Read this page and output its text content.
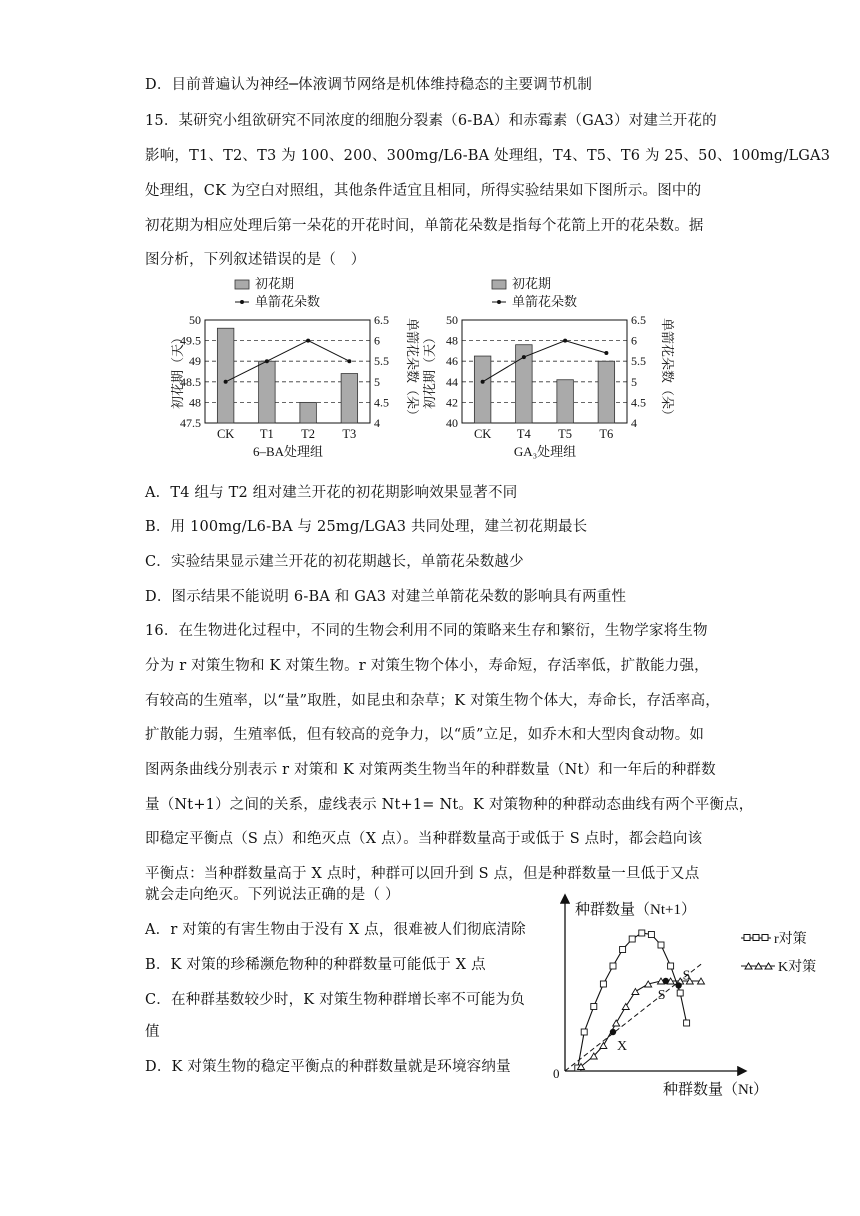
D．目前普遍认为神经─体液调节网络是机体维持稳态的主要调节机制
15．某研究小组欲研究不同浓度的细胞分裂素（6-BA）和赤霉素（GA3）对建兰开花的
影响，T1、T2、T3 为 100、200、300mg/L6-BA 处理组，T4、T5、T6 为 25、50、100mg/LGA3
处理组，CK 为空白对照组，其他条件适宜且相同，所得实验结果如下图所示。图中的
初花期为相应处理后第一朵花的开花时间，单箭花朵数是指每个花箭上开的花朵数。据
图分析，下列叙述错误的是（　）
初花期
单箭花朵数
47.5
48
48.5
49
49.5
50
4
4.5
5
5.5
6
6.5
CK T1 T2 T3
初花期（天）	单箭花朵数（朵）
6–BA处理组
初花期
单箭花朵数
40
42
44
46
48
50
4
4.5
5
5.5
6
6.5
CK T4 T5 T6
初花期（天）	单箭花朵数（朵）
GA₃处理组
A．T4 组与 T2 组对建兰开花的初花期影响效果显著不同
B．用 100mg/L6-BA 与 25mg/LGA3 共同处理，建兰初花期最长
C．实验结果显示建兰开花的初花期越长，单箭花朵数越少
D．图示结果不能说明 6-BA 和 GA3 对建兰单箭花朵数的影响具有两重性
16．在生物进化过程中，不同的生物会利用不同的策略来生存和繁衍，生物学家将生物
分为 r 对策生物和 K 对策生物。r 对策生物个体小，寿命短，存活率低，扩散能力强，
有较高的生殖率，以“量”取胜，如昆虫和杂草；K 对策生物个体大，寿命长，存活率高，
扩散能力弱，生殖率低，但有较高的竞争力，以“质”立足，如乔木和大型肉食动物。如
图两条曲线分别表示 r 对策和 K 对策两类生物当年的种群数量（Nt）和一年后的种群数
量（Nt+1）之间的关系，虚线表示 Nt+1= Nt。K 对策物种的种群动态曲线有两个平衡点，
即稳定平衡点（S 点）和绝灭点（X 点）。当种群数量高于或低于 S 点时，都会趋向该
平衡点：当种群数量高于 X 点时，种群可以回升到 S 点，但是种群数量一旦低于又点
就会走向绝灭。下列说法正确的是（ ）
A．r 对策的有害生物由于没有 X 点，很难被人们彻底清除
B．K 对策的珍稀濒危物种的种群数量可能低于 X 点
C．在种群基数较少时，K 对策生物种群增长率不可能为负
值
D．K 对策生物的稳定平衡点的种群数量就是环境容纳量	0
种群数量（Nt+1）
种群数量（Nt）
S
S
X
r对策
K对策
